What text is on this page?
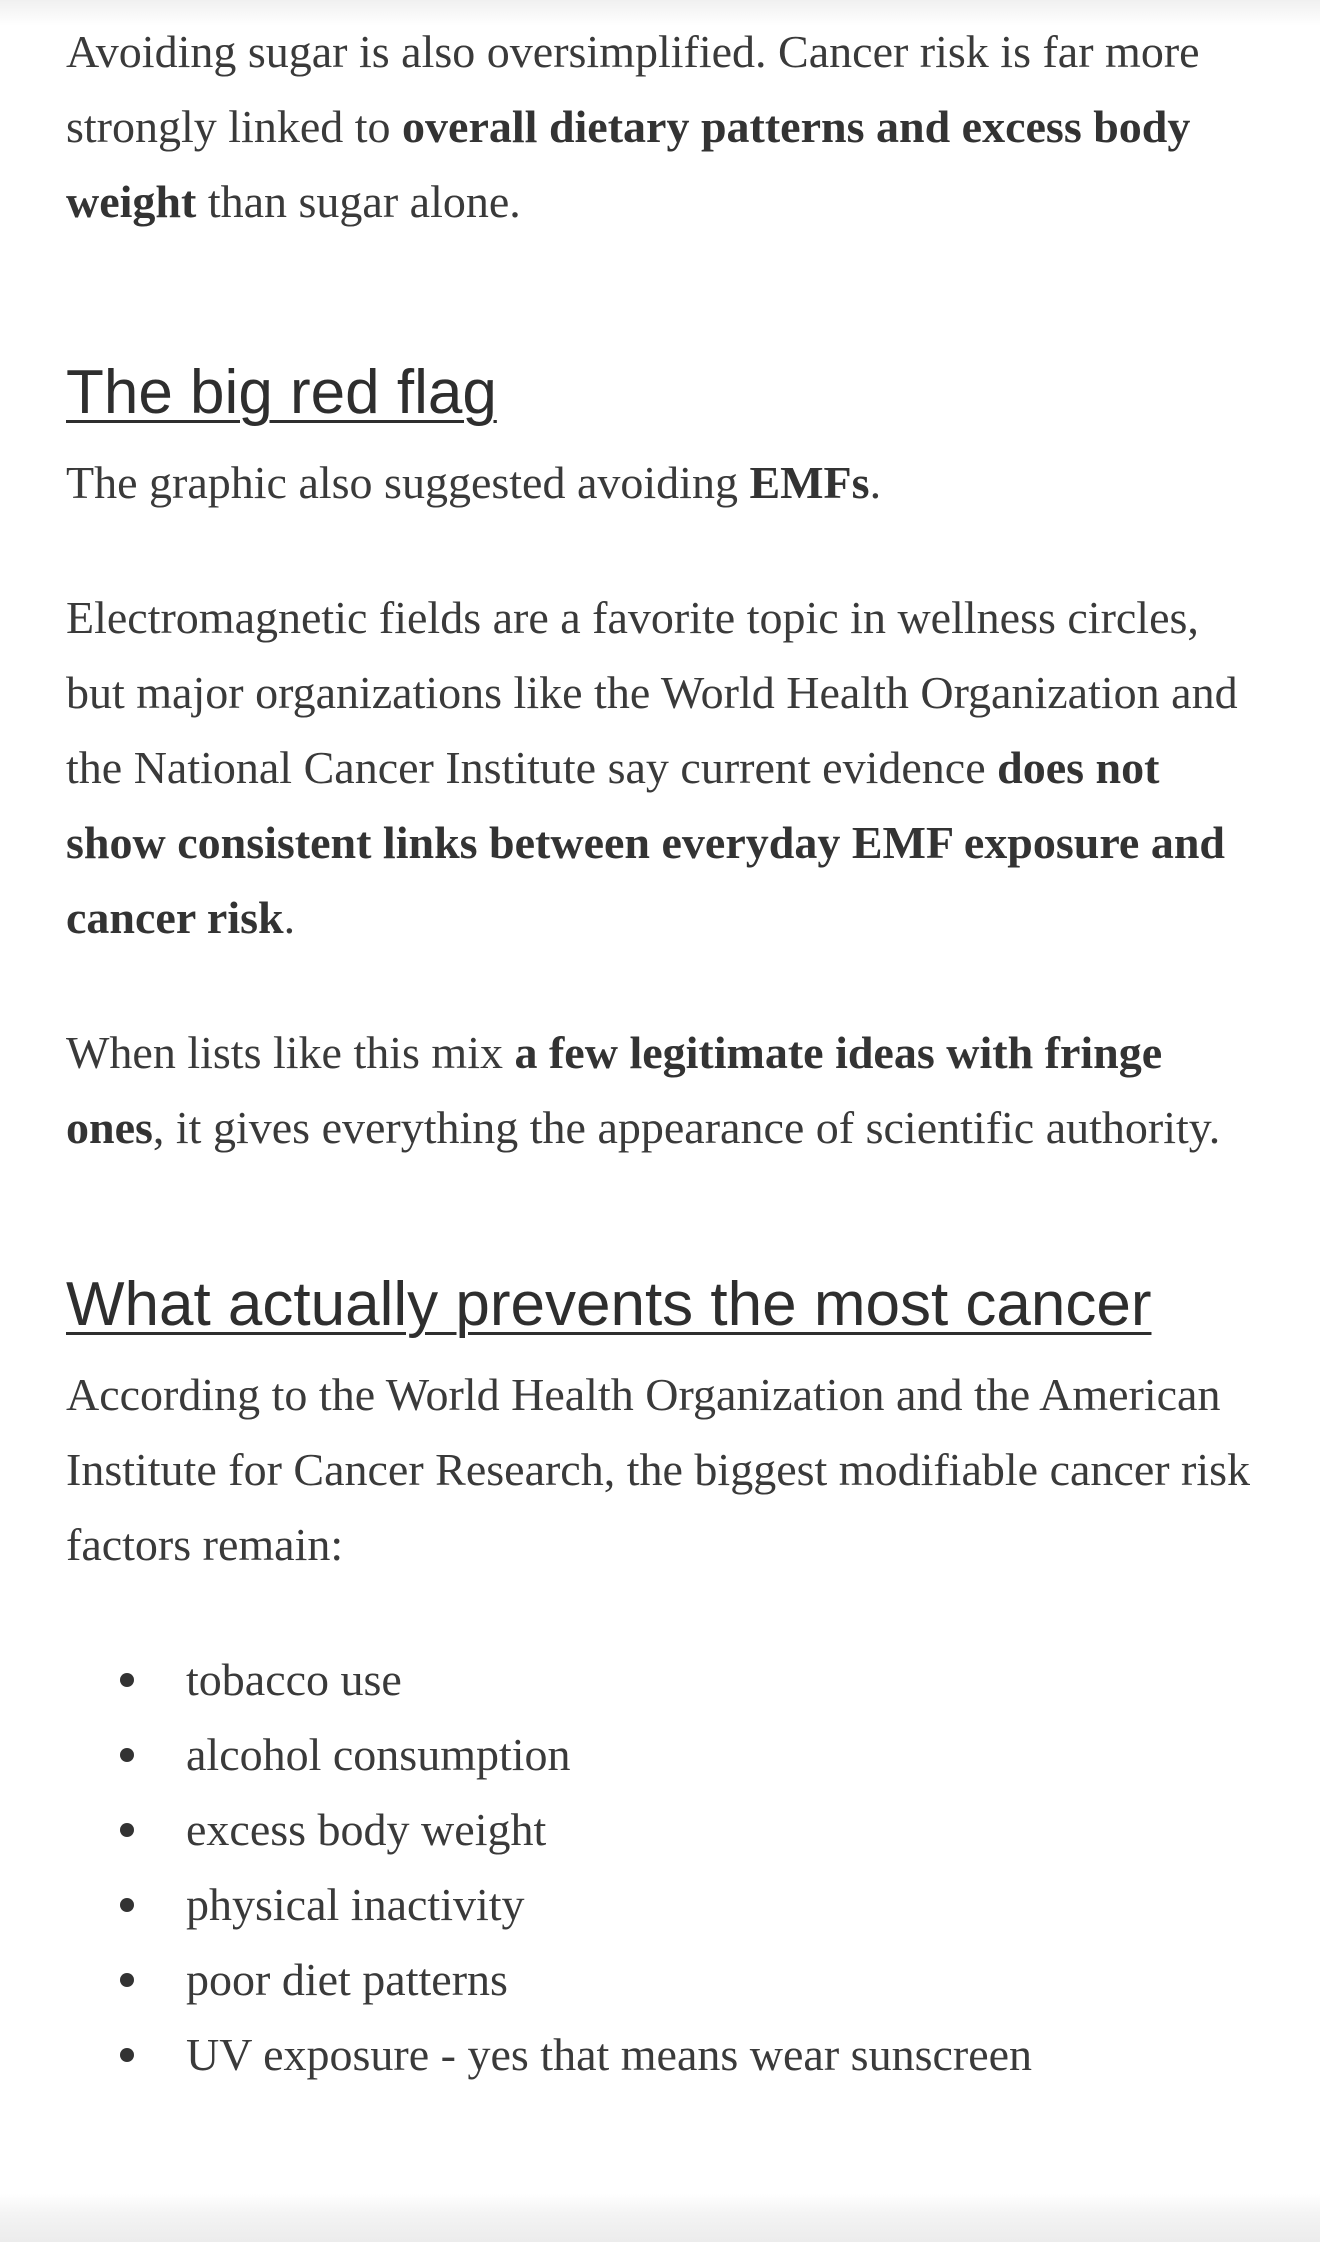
Avoiding sugar is also oversimplified. Cancer risk is far more strongly linked to overall dietary patterns and excess body weight than sugar alone.

The big red flag

The graphic also suggested avoiding EMFs.

Electromagnetic fields are a favorite topic in wellness circles, but major organizations like the World Health Organization and the National Cancer Institute say current evidence does not show consistent links between everyday EMF exposure and cancer risk.

When lists like this mix a few legitimate ideas with fringe ones, it gives everything the appearance of scientific authority.

What actually prevents the most cancer

According to the World Health Organization and the American Institute for Cancer Research, the biggest modifiable cancer risk factors remain:

tobacco use
alcohol consumption
excess body weight
physical inactivity
poor diet patterns
UV exposure - yes that means wear sunscreen
